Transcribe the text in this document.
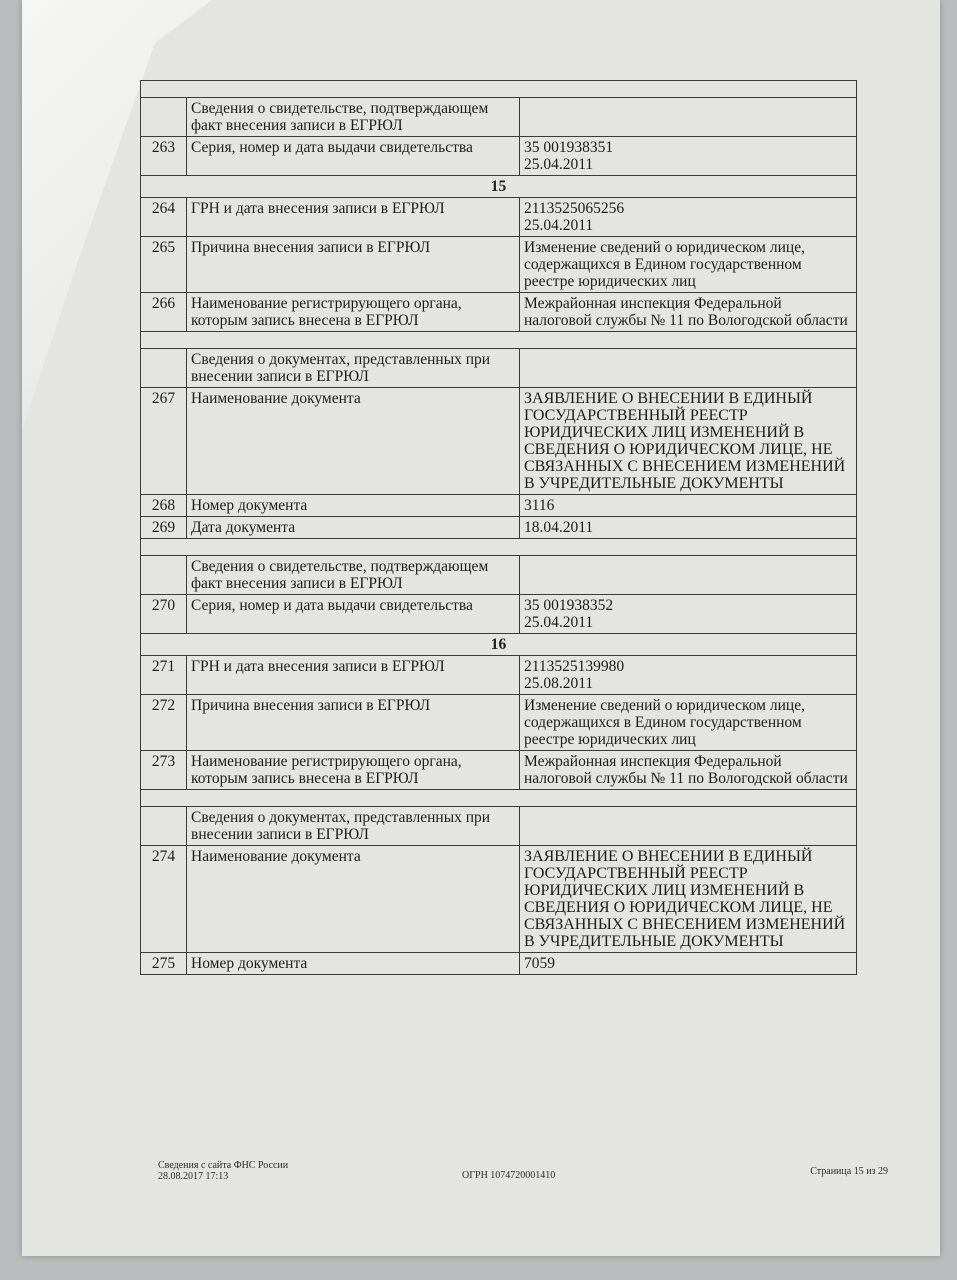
	Сведения о свидетельстве, подтверждающем факт внесения записи в ЕГРЮЛ	
263	Серия, номер и дата выдачи свидетельства	35 001938351
25.04.2011
15		
264	ГРН и дата внесения записи в ЕГРЮЛ	2113525065256
25.04.2011
265	Причина внесения записи в ЕГРЮЛ	Изменение сведений о юридическом лице, содержащихся в Едином государственном реестре юридических лиц
266	Наименование регистрирующего органа, которым запись внесена в ЕГРЮЛ	Межрайонная инспекция Федеральной налоговой службы № 11 по Вологодской области

	Сведения о документах, представленных при внесении записи в ЕГРЮЛ	
267	Наименование документа	ЗАЯВЛЕНИЕ О ВНЕСЕНИИ В ЕДИНЫЙ ГОСУДАРСТВЕННЫЙ РЕЕСТР ЮРИДИЧЕСКИХ ЛИЦ ИЗМЕНЕНИЙ В СВЕДЕНИЯ О ЮРИДИЧЕСКОМ ЛИЦЕ, НЕ СВЯЗАННЫХ С ВНЕСЕНИЕМ ИЗМЕНЕНИЙ В УЧРЕДИТЕЛЬНЫЕ ДОКУМЕНТЫ
268	Номер документа	3116
269	Дата документа	18.04.2011

	Сведения о свидетельстве, подтверждающем факт внесения записи в ЕГРЮЛ	
270	Серия, номер и дата выдачи свидетельства	35 001938352
25.04.2011
16		
271	ГРН и дата внесения записи в ЕГРЮЛ	2113525139980
25.08.2011
272	Причина внесения записи в ЕГРЮЛ	Изменение сведений о юридическом лице, содержащихся в Едином государственном реестре юридических лиц
273	Наименование регистрирующего органа, которым запись внесена в ЕГРЮЛ	Межрайонная инспекция Федеральной налоговой службы № 11 по Вологодской области

	Сведения о документах, представленных при внесении записи в ЕГРЮЛ	
274	Наименование документа	ЗАЯВЛЕНИЕ О ВНЕСЕНИИ В ЕДИНЫЙ ГОСУДАРСТВЕННЫЙ РЕЕСТР ЮРИДИЧЕСКИХ ЛИЦ ИЗМЕНЕНИЙ В СВЕДЕНИЯ О ЮРИДИЧЕСКОМ ЛИЦЕ, НЕ СВЯЗАННЫХ С ВНЕСЕНИЕМ ИЗМЕНЕНИЙ В УЧРЕДИТЕЛЬНЫЕ ДОКУМЕНТЫ
275	Номер документа	7059
Сведения с сайта ФНС России
28.08.2017 17:13	ОГРН 1074720001410	Страница 15 из 29
